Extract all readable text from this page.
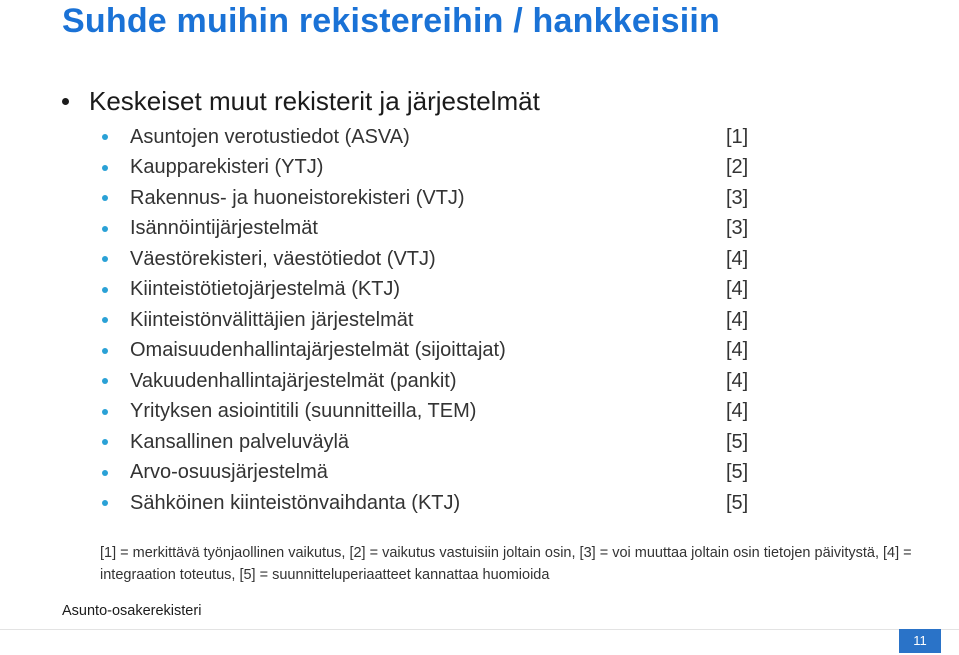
Suhde muihin rekistereihin / hankkeisiin
Keskeiset muut rekisterit ja järjestelmät
Asuntojen verotustiedot (ASVA)	[1]
Kaupparekisteri (YTJ)	[2]
Rakennus- ja huoneistorekisteri (VTJ)	[3]
Isännöintijärjestelmät	[3]
Väestörekisteri, väestötiedot (VTJ)	[4]
Kiinteistötietojärjestelmä (KTJ)	[4]
Kiinteistönvälittäjien järjestelmät	[4]
Omaisuudenhallintajärjestelmät (sijoittajat)	[4]
Vakuudenhallintajärjestelmät (pankit)	[4]
Yrityksen asiointitili (suunnitteilla, TEM)	[4]
Kansallinen palveluväylä	[5]
Arvo-osuusjärjestelmä	[5]
Sähköinen kiinteistönvaihdanta (KTJ)	[5]

[1] = merkittävä työnjaollinen vaikutus, [2] = vaikutus vastuisiin joltain osin, [3] = voi muuttaa joltain osin tietojen päivitystä, [4] = integraation toteutus, [5] = suunnitteluperiaatteet kannattaa huomioida

Asunto-osakerekisteri
11
